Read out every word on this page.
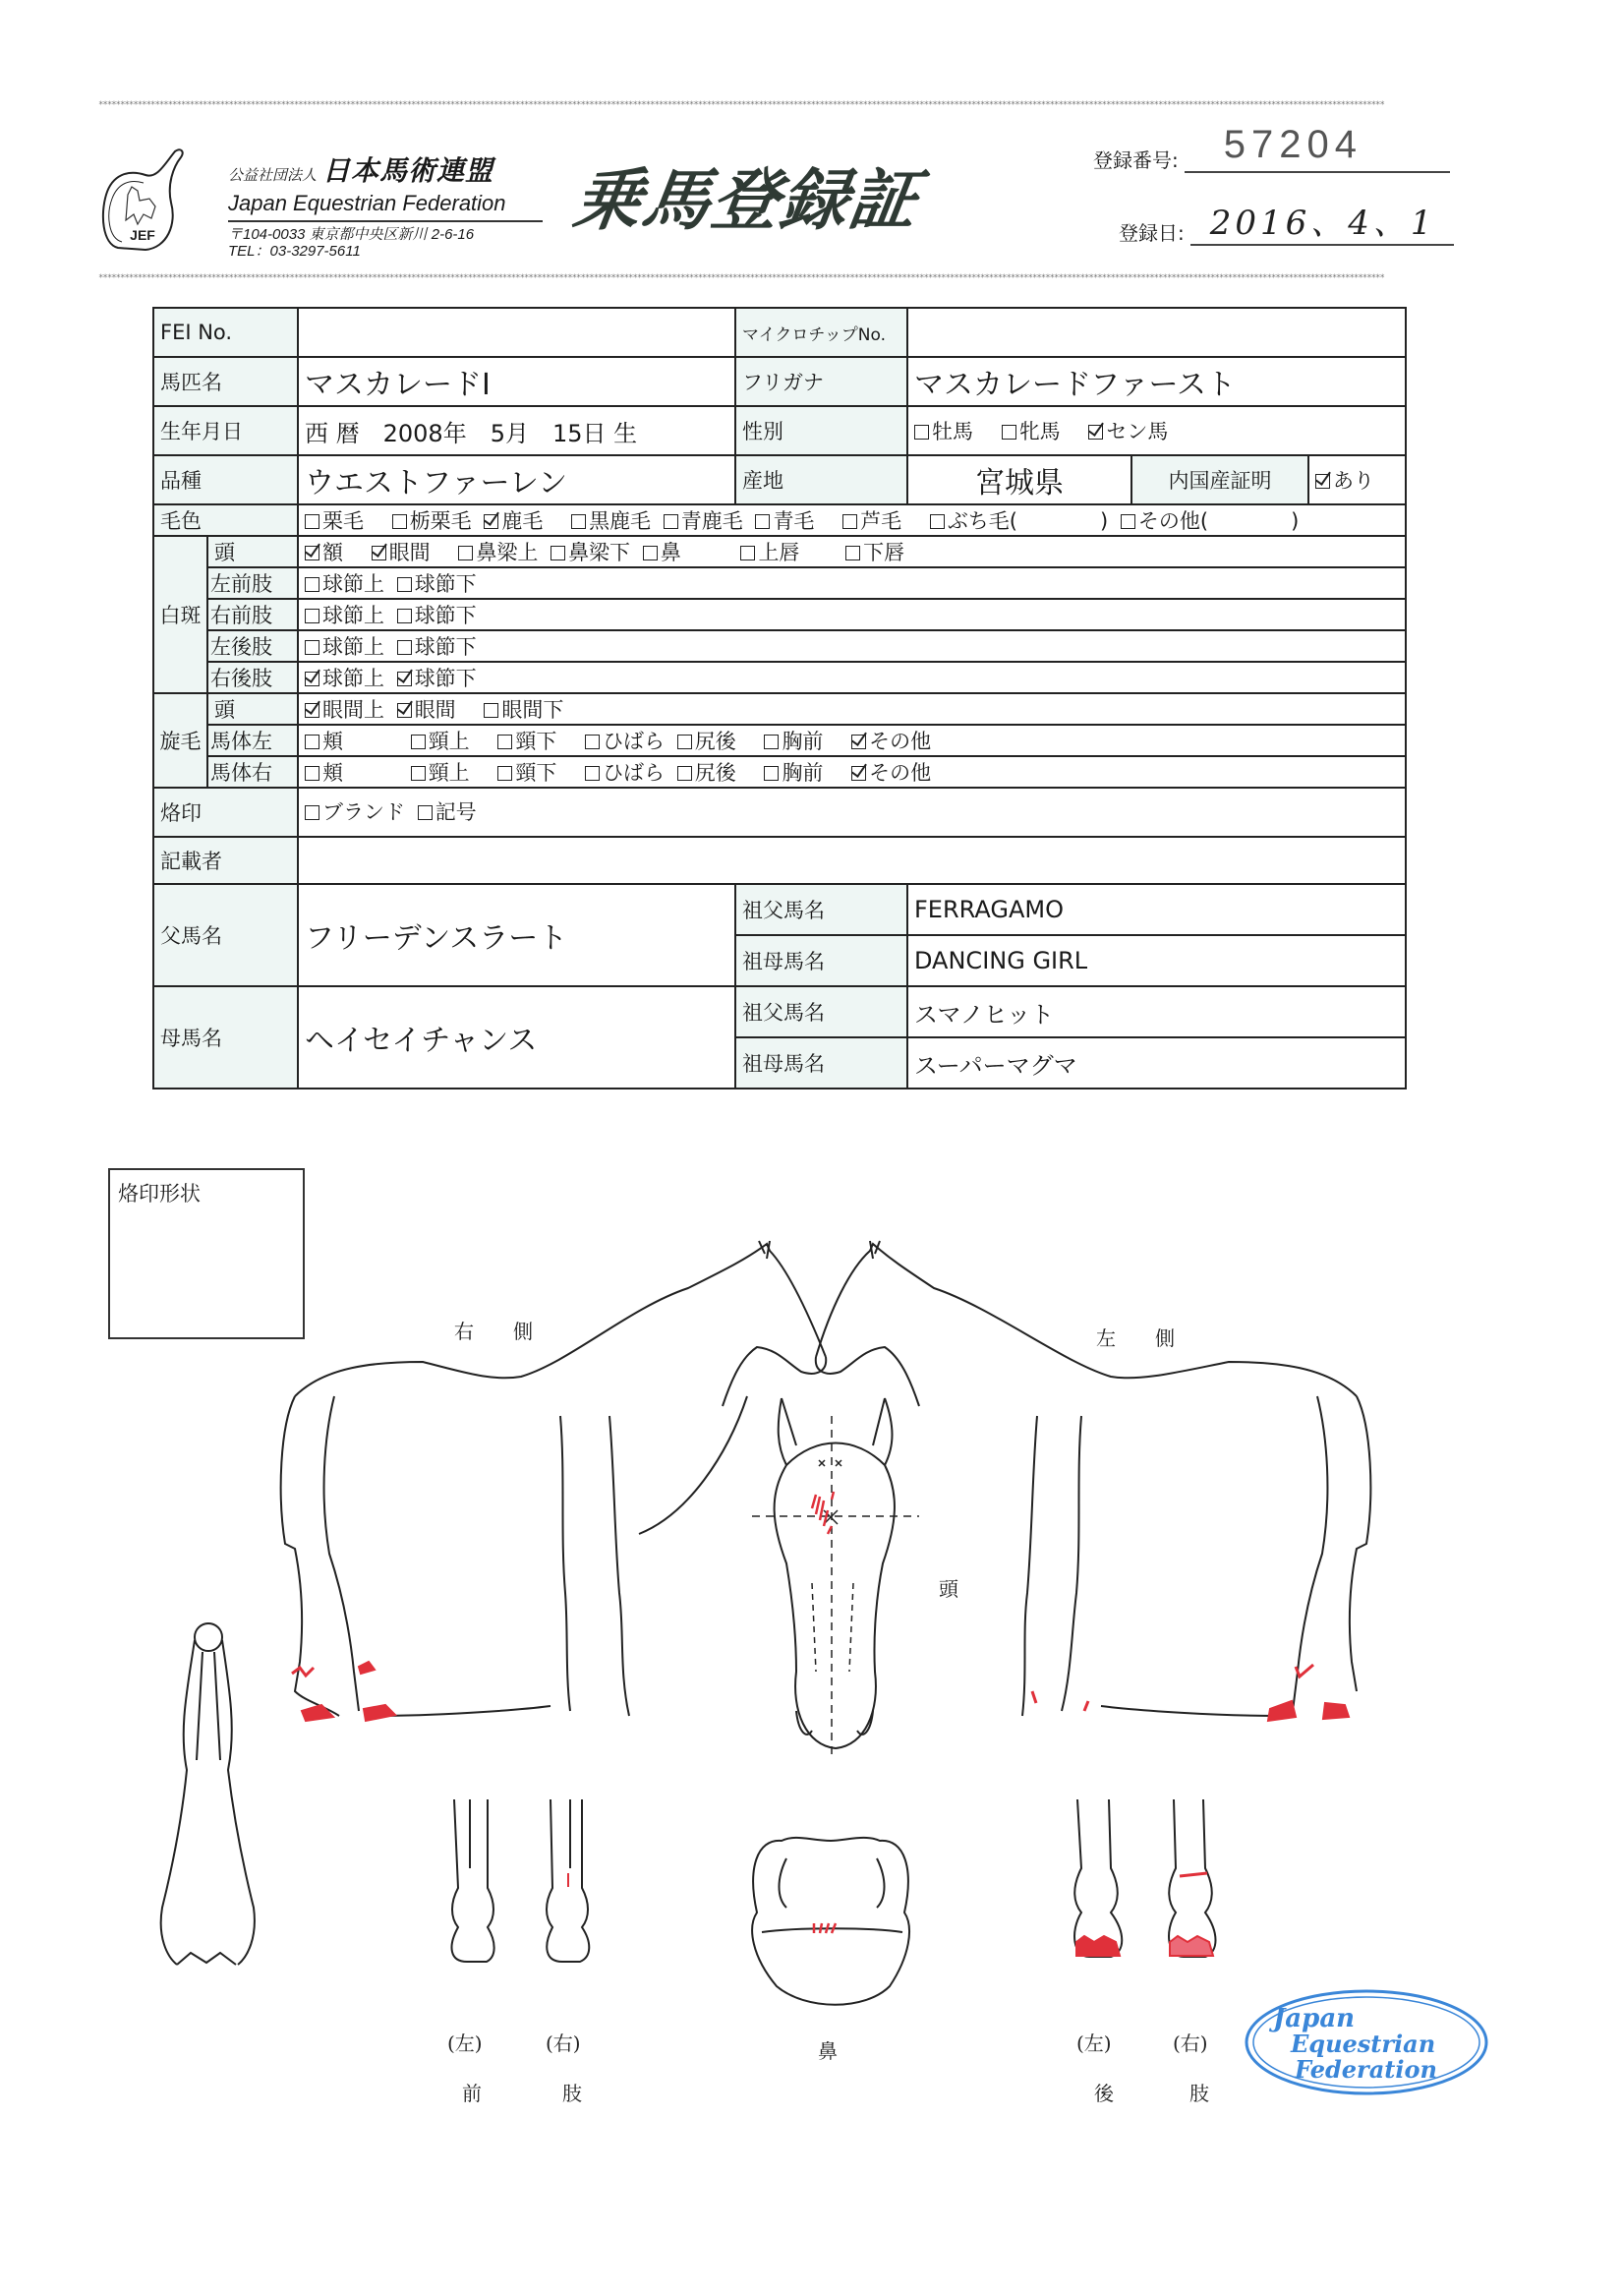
********************************************************************************************************************************************************************************************************************************************************************************************************
********************************************************************************************************************************************************************************************************************************************************************************************************
JEF
公益社団法人 日本馬術連盟
Japan Equestrian Federation
〒104-0033 東京都中央区新川 2-6-16
TEL：03-3297-5611
乗馬登録証
登録番号: 57204
登録日: 2016、4、1
FEI No.			マイクロチップNo.			
馬匹名		マスカレードⅠ	フリガナ	マスカレードファースト		
生年月日		西 暦　2008年　5月　15日 生	性別	牡馬 牝馬 セン馬		
品種		ウエストファーレン	産地	宮城県	内国産証明	あり
毛色		栗毛 栃栗毛 鹿毛 黒鹿毛 青鹿毛 青毛 芦毛 ぶち毛(　　　　) その他(　　　　)				
白斑	頭	額 眼間 鼻梁上 鼻梁下 鼻 上唇 下唇				
	左前肢	球節上 球節下				
	右前肢	球節上 球節下				
	左後肢	球節上 球節下				
	右後肢	球節上 球節下				
旋毛	頭	眼間上 眼間 眼間下				
	馬体左	頬 頸上 頸下 ひばら 尻後 胸前 その他				
	馬体右	頬 頸上 頸下 ひばら 尻後 胸前 その他				
烙印		ブランド 記号				
記載者						
父馬名		フリーデンスラート	祖父馬名	FERRAGAMO		
			祖母馬名	DANCING GIRL		
母馬名		ヘイセイチャンス	祖父馬名	スマノヒット		
			祖母馬名	スーパーマグマ		
烙印形状
右　　側	左　　側
頭
鼻
(左)	(右)
前	肢
(左)	(右)
後	肢
Japan
Equestrian
Federation
